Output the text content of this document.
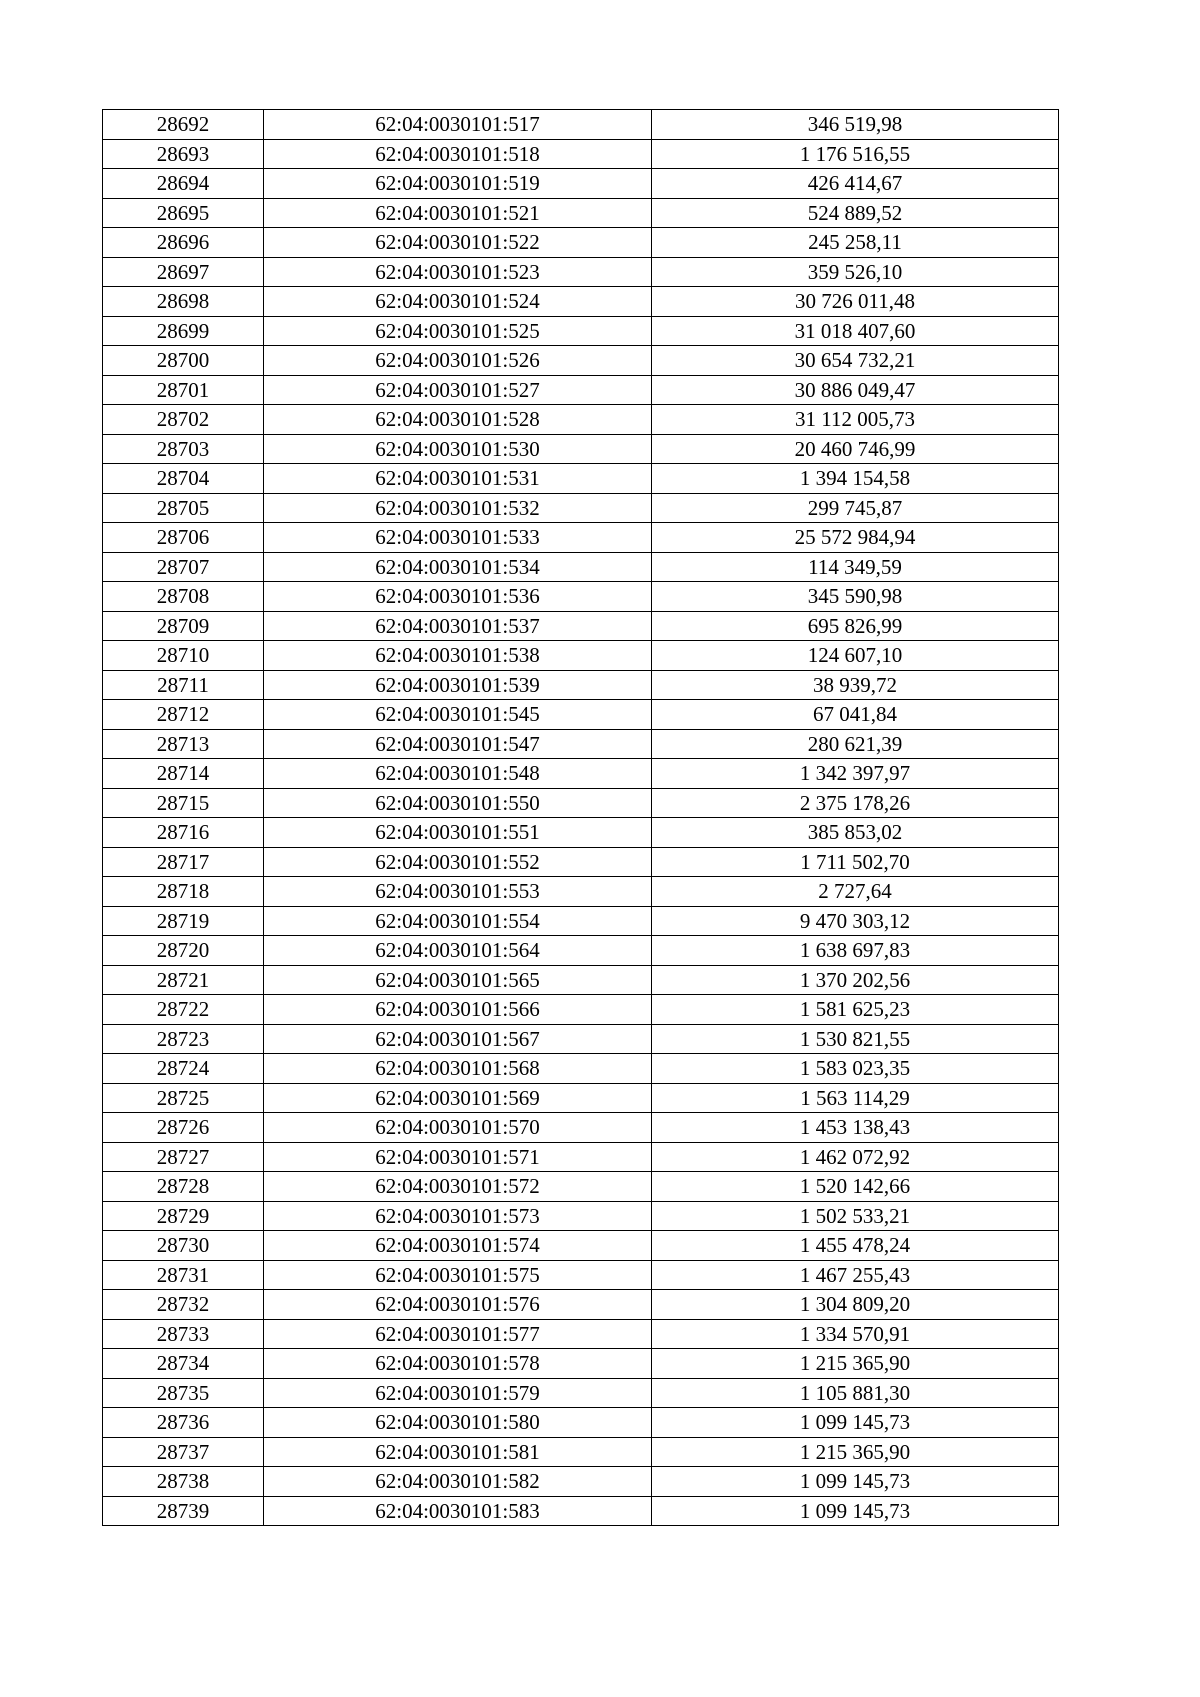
28692	62:04:0030101:517	346 519,98
28693	62:04:0030101:518	1 176 516,55
28694	62:04:0030101:519	426 414,67
28695	62:04:0030101:521	524 889,52
28696	62:04:0030101:522	245 258,11
28697	62:04:0030101:523	359 526,10
28698	62:04:0030101:524	30 726 011,48
28699	62:04:0030101:525	31 018 407,60
28700	62:04:0030101:526	30 654 732,21
28701	62:04:0030101:527	30 886 049,47
28702	62:04:0030101:528	31 112 005,73
28703	62:04:0030101:530	20 460 746,99
28704	62:04:0030101:531	1 394 154,58
28705	62:04:0030101:532	299 745,87
28706	62:04:0030101:533	25 572 984,94
28707	62:04:0030101:534	114 349,59
28708	62:04:0030101:536	345 590,98
28709	62:04:0030101:537	695 826,99
28710	62:04:0030101:538	124 607,10
28711	62:04:0030101:539	38 939,72
28712	62:04:0030101:545	67 041,84
28713	62:04:0030101:547	280 621,39
28714	62:04:0030101:548	1 342 397,97
28715	62:04:0030101:550	2 375 178,26
28716	62:04:0030101:551	385 853,02
28717	62:04:0030101:552	1 711 502,70
28718	62:04:0030101:553	2 727,64
28719	62:04:0030101:554	9 470 303,12
28720	62:04:0030101:564	1 638 697,83
28721	62:04:0030101:565	1 370 202,56
28722	62:04:0030101:566	1 581 625,23
28723	62:04:0030101:567	1 530 821,55
28724	62:04:0030101:568	1 583 023,35
28725	62:04:0030101:569	1 563 114,29
28726	62:04:0030101:570	1 453 138,43
28727	62:04:0030101:571	1 462 072,92
28728	62:04:0030101:572	1 520 142,66
28729	62:04:0030101:573	1 502 533,21
28730	62:04:0030101:574	1 455 478,24
28731	62:04:0030101:575	1 467 255,43
28732	62:04:0030101:576	1 304 809,20
28733	62:04:0030101:577	1 334 570,91
28734	62:04:0030101:578	1 215 365,90
28735	62:04:0030101:579	1 105 881,30
28736	62:04:0030101:580	1 099 145,73
28737	62:04:0030101:581	1 215 365,90
28738	62:04:0030101:582	1 099 145,73
28739	62:04:0030101:583	1 099 145,73
